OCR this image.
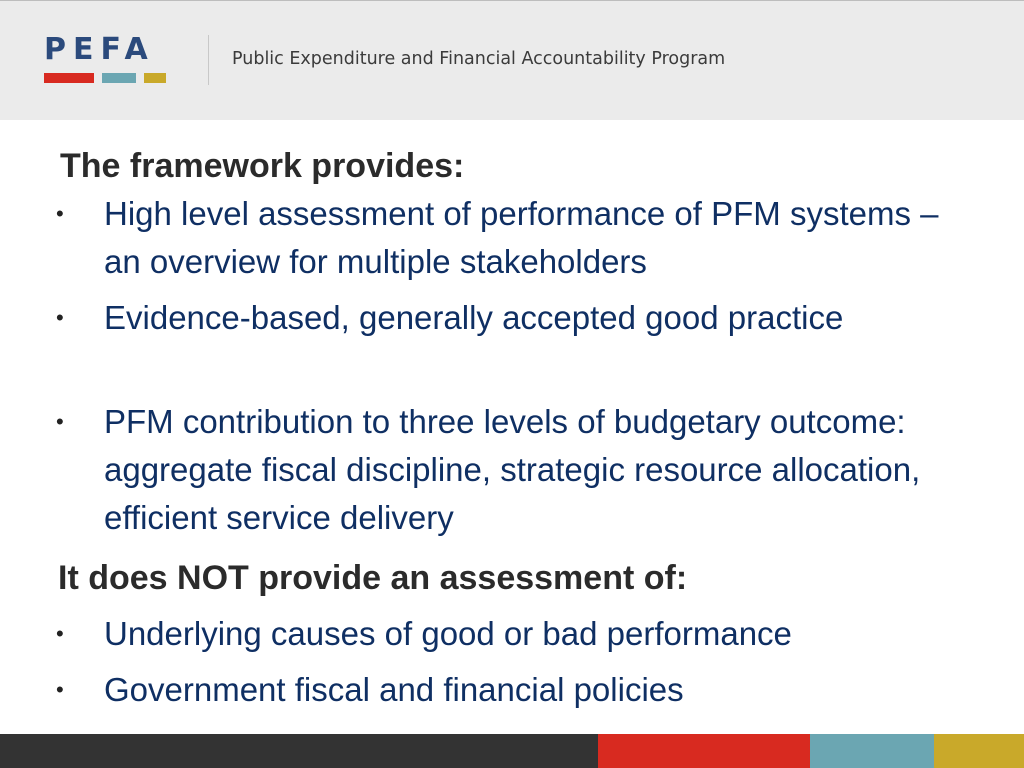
PEFA	Public Expenditure and Financial Accountability Program
The framework provides:
• High level assessment of performance of PFM systems – an overview for multiple stakeholders
• Evidence-based, generally accepted good practice
• PFM contribution to three levels of budgetary outcome: aggregate fiscal discipline, strategic resource allocation, efficient service delivery
It does NOT provide an assessment of:
• Underlying causes of good or bad performance
• Government fiscal and financial policies
